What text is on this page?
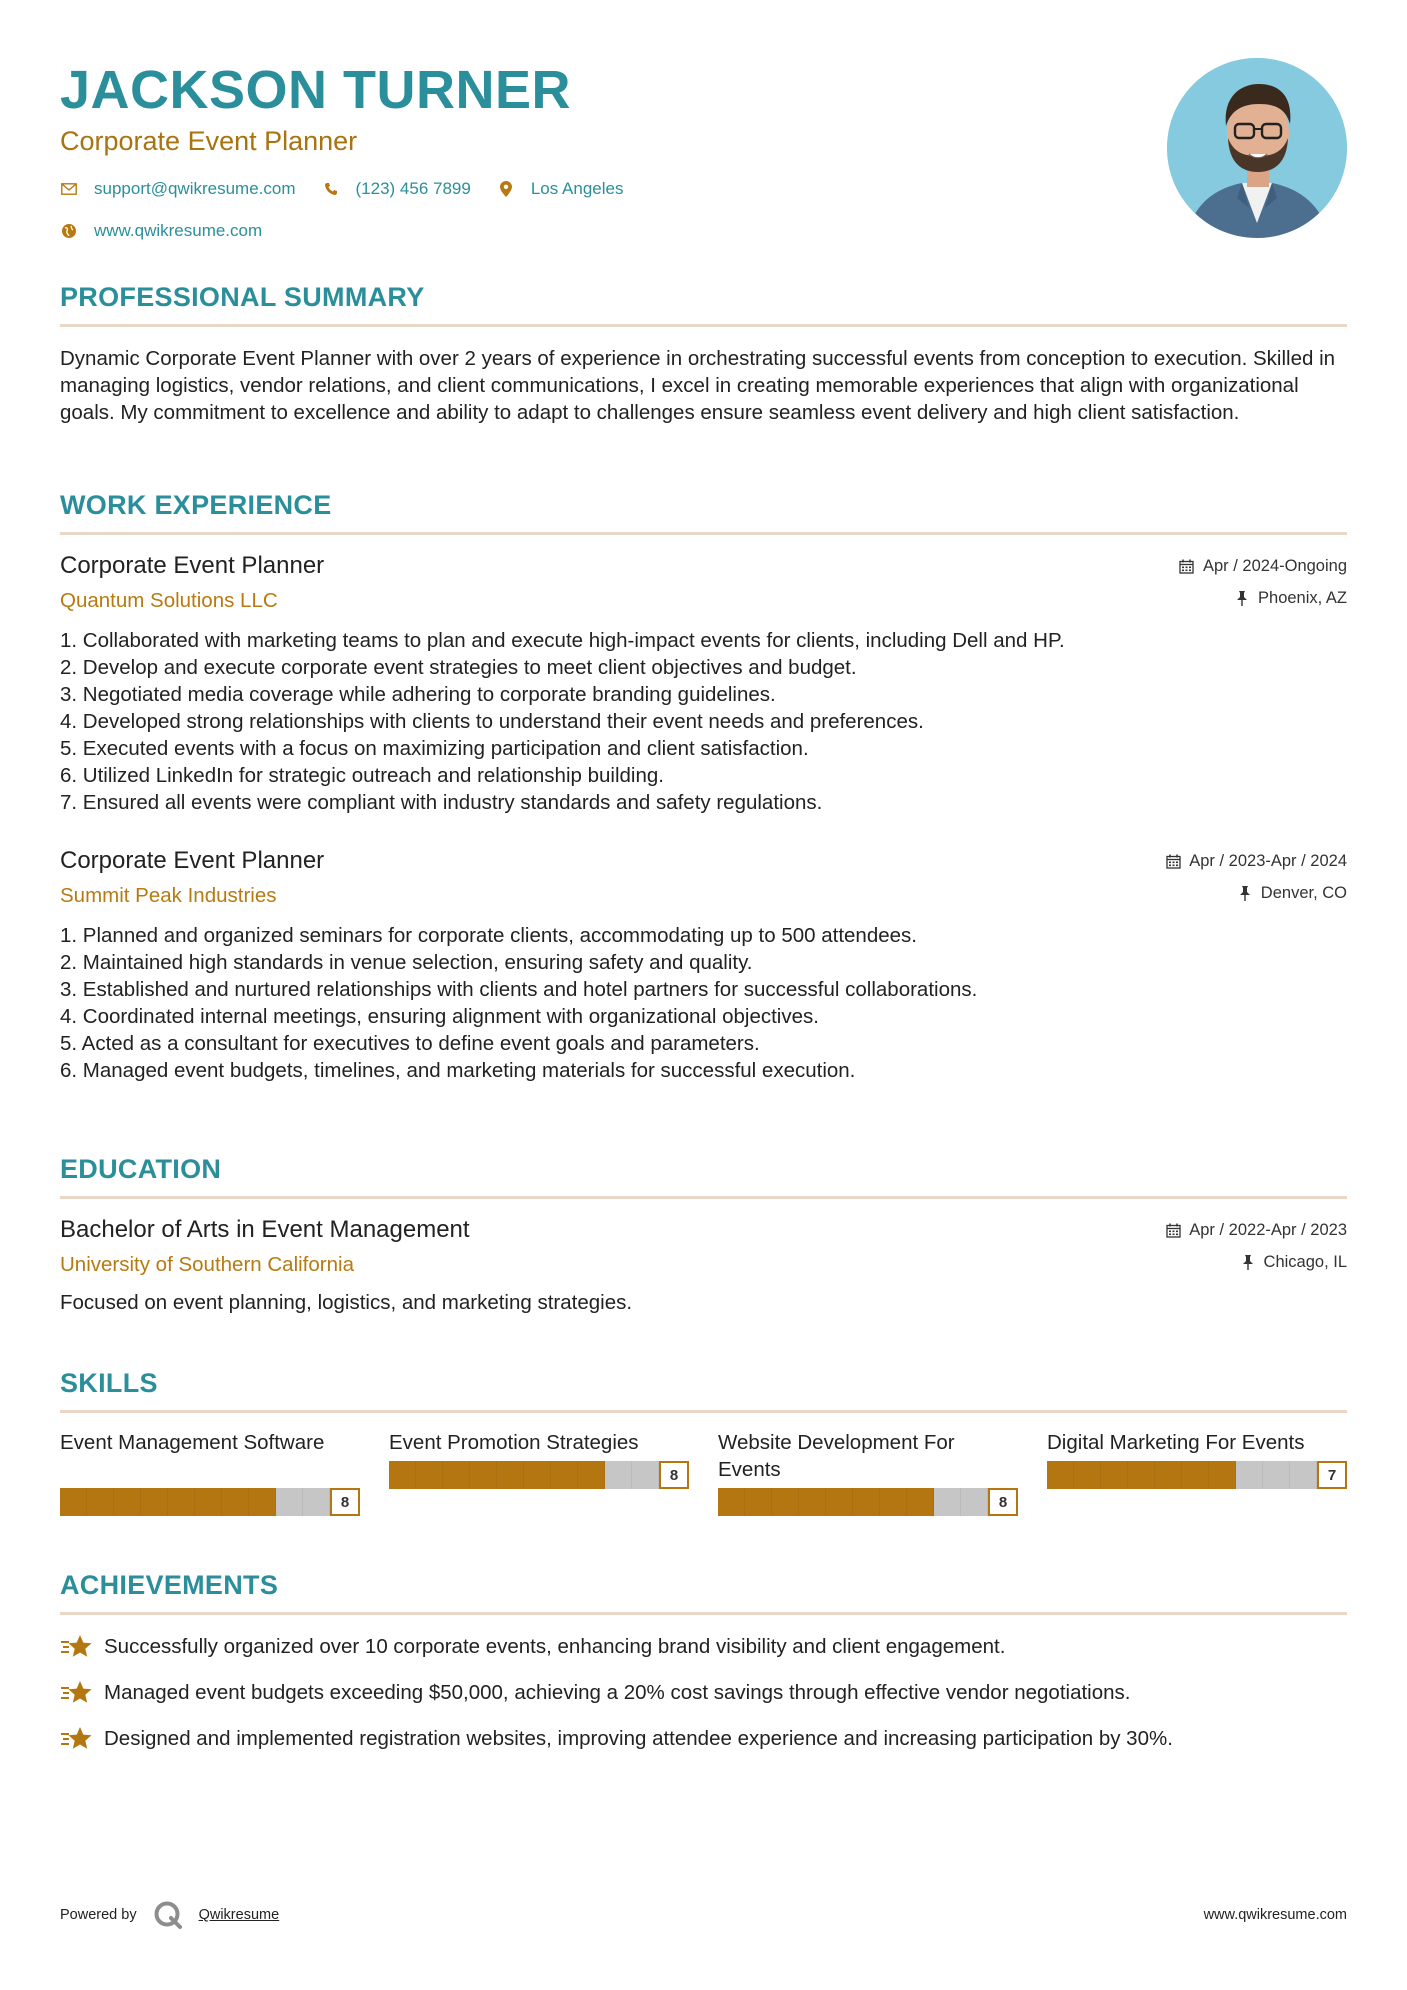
JACKSON TURNER
Corporate Event Planner
support@qwikresume.com	(123) 456 7899	Los Angeles
www.qwikresume.com
PROFESSIONAL SUMMARY
Dynamic Corporate Event Planner with over 2 years of experience in orchestrating successful events from conception to execution. Skilled in managing logistics, vendor relations, and client communications, I excel in creating memorable experiences that align with organizational goals. My commitment to excellence and ability to adapt to challenges ensure seamless event delivery and high client satisfaction.
WORK EXPERIENCE
Corporate Event Planner
Quantum Solutions LLC
Apr / 2024-Ongoing
Phoenix, AZ
1. Collaborated with marketing teams to plan and execute high-impact events for clients, including Dell and HP.
2. Develop and execute corporate event strategies to meet client objectives and budget.
3. Negotiated media coverage while adhering to corporate branding guidelines.
4. Developed strong relationships with clients to understand their event needs and preferences.
5. Executed events with a focus on maximizing participation and client satisfaction.
6. Utilized LinkedIn for strategic outreach and relationship building.
7. Ensured all events were compliant with industry standards and safety regulations.
Corporate Event Planner
Summit Peak Industries
Apr / 2023-Apr / 2024
Denver, CO
1. Planned and organized seminars for corporate clients, accommodating up to 500 attendees.
2. Maintained high standards in venue selection, ensuring safety and quality.
3. Established and nurtured relationships with clients and hotel partners for successful collaborations.
4. Coordinated internal meetings, ensuring alignment with organizational objectives.
5. Acted as a consultant for executives to define event goals and parameters.
6. Managed event budgets, timelines, and marketing materials for successful execution.
EDUCATION
Bachelor of Arts in Event Management
University of Southern California
Apr / 2022-Apr / 2023
Chicago, IL
Focused on event planning, logistics, and marketing strategies.
SKILLS
Event Management Software
8
Event Promotion Strategies
8
Website Development For Events
8
Digital Marketing For Events
7
ACHIEVEMENTS
Successfully organized over 10 corporate events, enhancing brand visibility and client engagement.
Managed event budgets exceeding $50,000, achieving a 20% cost savings through effective vendor negotiations.
Designed and implemented registration websites, improving attendee experience and increasing participation by 30%.
Powered by	Qwikresume	www.qwikresume.com
